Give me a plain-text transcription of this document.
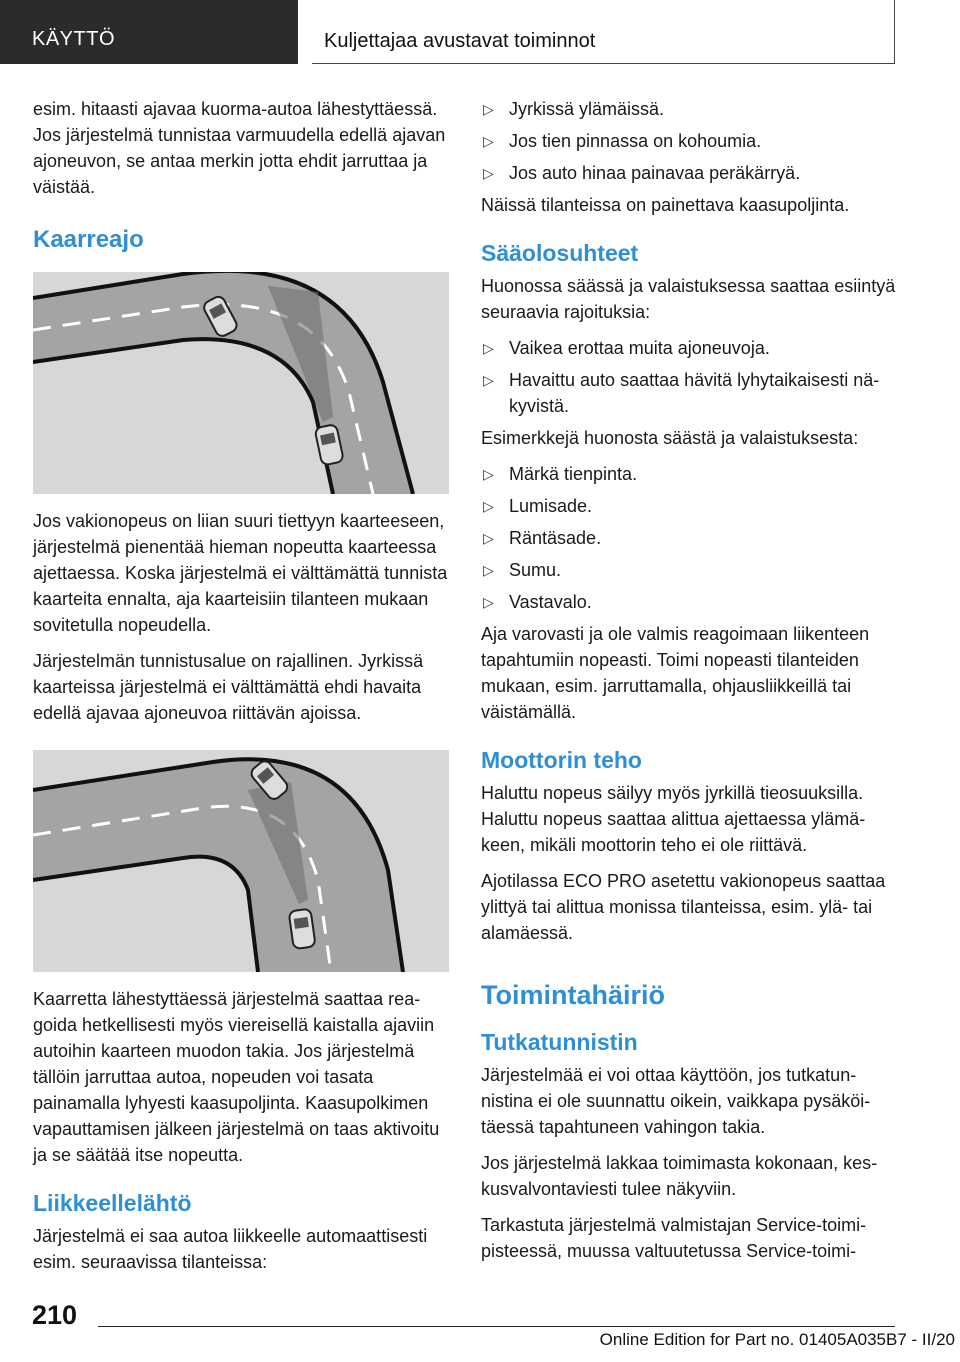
KÄYTTÖ	Kuljettajaa avustavat toiminnot

esim. hitaasti ajavaa kuorma-autoa lähestyttäessä. Jos järjestelmä tunnistaa varmuudella edellä ajavan ajoneuvon, se antaa merkin jotta ehdit jarruttaa ja väistää.

Kaarreajo

Jos vakionopeus on liian suuri tiettyyn kaarteeseen, järjestelmä pienentää hieman nopeutta kaarteessa ajettaessa. Koska järjestelmä ei välttämättä tunnista kaarteita ennalta, aja kaarteisiin tilanteen mukaan sovitetulla nopeudella.

Järjestelmän tunnistusalue on rajallinen. Jyrkissä kaarteissa järjestelmä ei välttämättä ehdi havaita edellä ajavaa ajoneuvoa riittävän ajoissa.

Kaarretta lähestyttäessä järjestelmä saattaa reagoida hetkellisesti myös viereisellä kaistalla ajaviin autoihin kaarteen muodon takia. Jos järjestelmä tällöin jarruttaa autoa, nopeuden voi tasata painamalla lyhyesti kaasupoljinta. Kaasupolkimen vapauttamisen jälkeen järjestelmä on taas aktivoitu ja se säätää itse nopeutta.

Liikkeellelähtö

Järjestelmä ei saa autoa liikkeelle automaattisesti esim. seuraavissa tilanteissa:

▷ Jyrkissä ylämäissä.
▷ Jos tien pinnassa on kohoumia.
▷ Jos auto hinaa painavaa peräkärryä.

Näissä tilanteissa on painettava kaasupoljinta.

Sääolosuhteet

Huonossa säässä ja valaistuksessa saattaa esiintyä seuraavia rajoituksia:

▷ Vaikea erottaa muita ajoneuvoja.
▷ Havaittu auto saattaa hävitä lyhytaikaisesti näkyvistä.

Esimerkkejä huonosta säästä ja valaistuksesta:

▷ Märkä tienpinta.
▷ Lumisade.
▷ Räntäsade.
▷ Sumu.
▷ Vastavalo.

Aja varovasti ja ole valmis reagoimaan liikenteen tapahtumiin nopeasti. Toimi nopeasti tilanteiden mukaan, esim. jarruttamalla, ohjausliikkeillä tai väistämällä.

Moottorin teho

Haluttu nopeus säilyy myös jyrkillä tieosuuksilla. Haluttu nopeus saattaa alittua ajettaessa ylämäkeen, mikäli moottorin teho ei ole riittävä.

Ajotilassa ECO PRO asetettu vakionopeus saattaa ylittyä tai alittua monissa tilanteissa, esim. ylä- tai alamäessä.

Toimintahäiriö
Tutkatunnistin

Järjestelmää ei voi ottaa käyttöön, jos tutkatunnistina ei ole suunnattu oikein, vaikkapa pysäköitäessä tapahtuneen vahingon takia.

Jos järjestelmä lakkaa toimimasta kokonaan, keskusvalvontaviesti tulee näkyviin.

Tarkastuta järjestelmä valmistajan Service-toimipisteessä, muussa valtuutetussa Service-toimi-

210
Online Edition for Part no. 01405A035B7 - II/20
